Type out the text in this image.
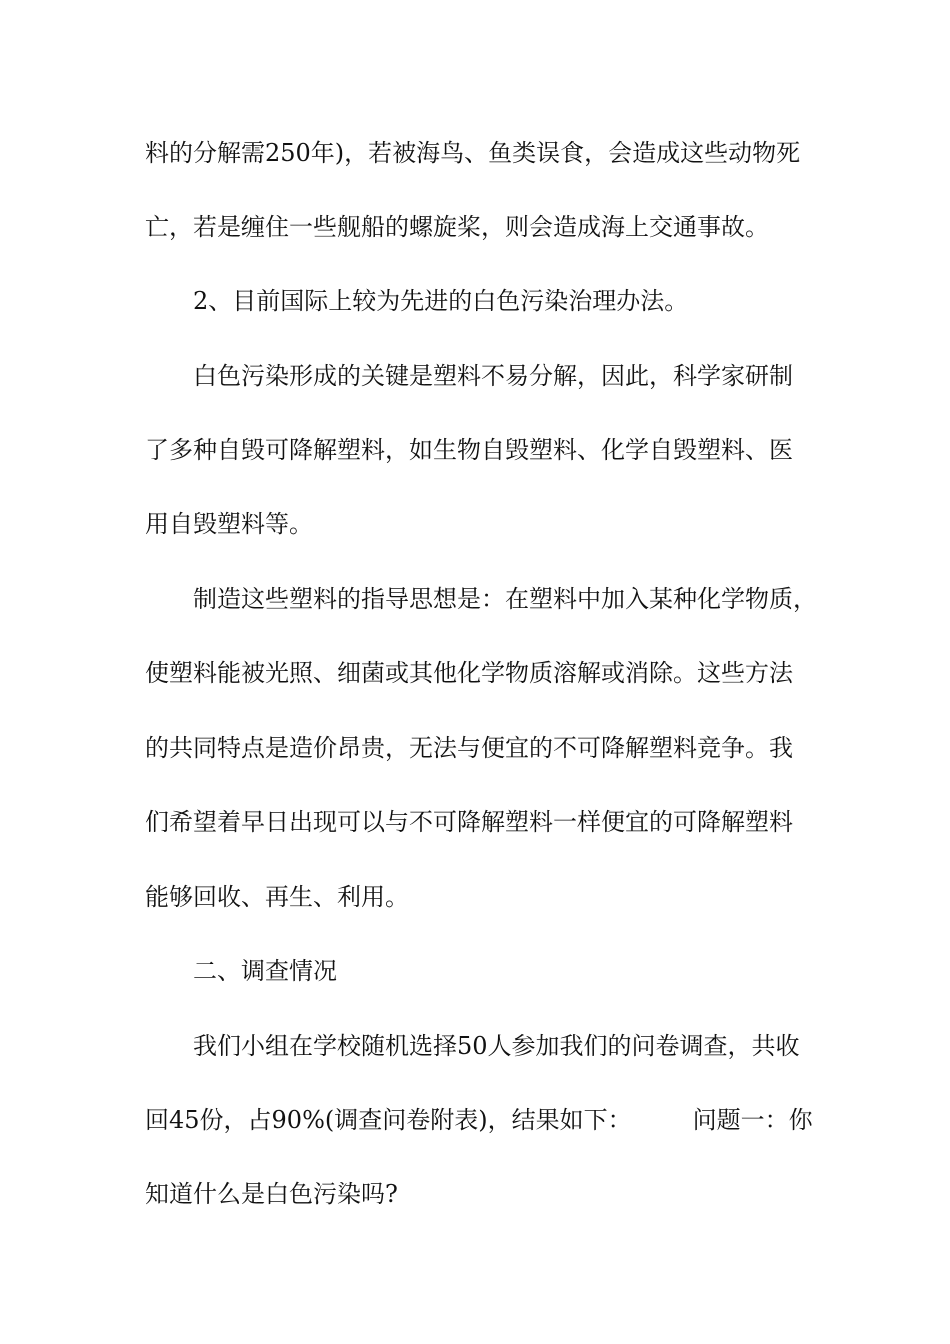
料的分解需250年)，若被海鸟、鱼类误食，会造成这些动物死
亡，若是缠住一些舰船的螺旋桨，则会造成海上交通事故。
2、目前国际上较为先进的白色污染治理办法。
白色污染形成的关键是塑料不易分解，因此，科学家研制
了多种自毁可降解塑料，如生物自毁塑料、化学自毁塑料、医
用自毁塑料等。
制造这些塑料的指导思想是：在塑料中加入某种化学物质，
使塑料能被光照、细菌或其他化学物质溶解或消除。这些方法
的共同特点是造价昂贵，无法与便宜的不可降解塑料竞争。我
们希望着早日出现可以与不可降解塑料一样便宜的可降解塑料
能够回收、再生、利用。
二、调查情况
我们小组在学校随机选择50人参加我们的问卷调查，共收
回45份，占90%(调查问卷附表)，结果如下：        问题一：你
知道什么是白色污染吗?
